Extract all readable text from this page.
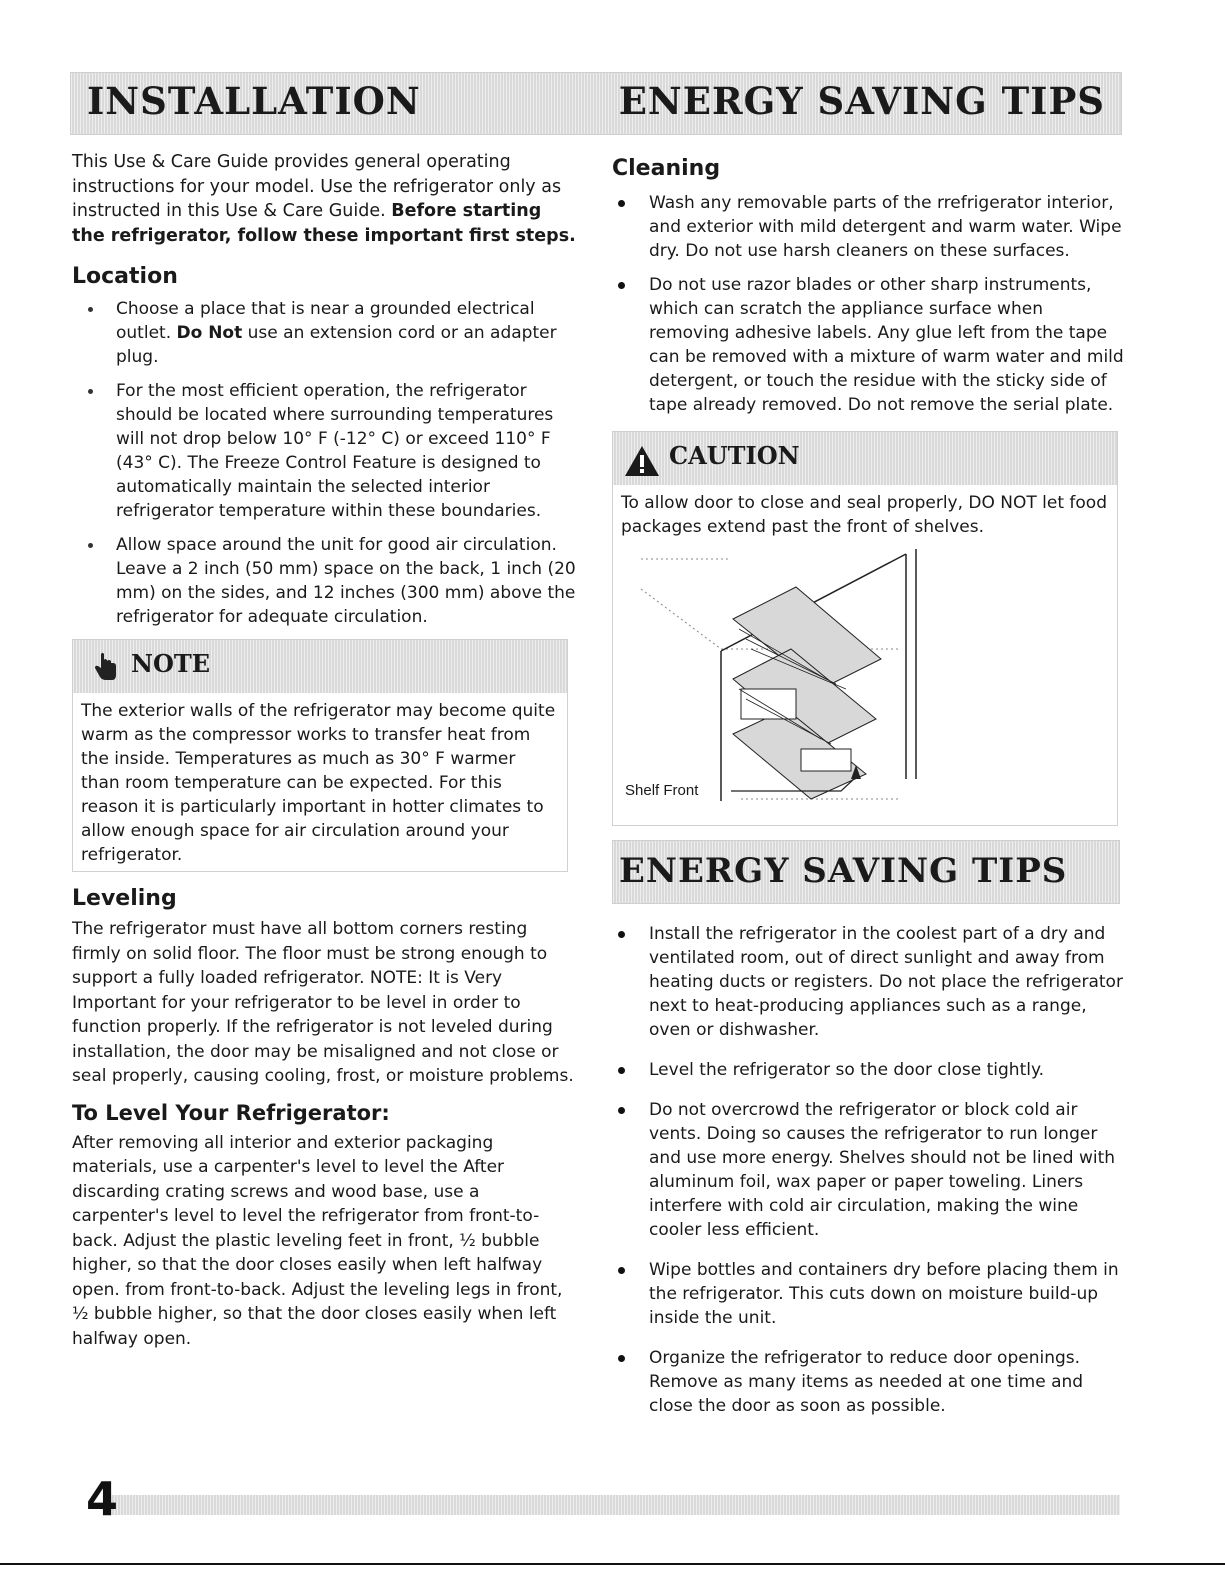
INSTALLATION	ENERGY SAVING TIPS

This Use & Care Guide provides general operating instructions for your model. Use the refrigerator only as instructed in this Use & Care Guide. Before starting the refrigerator, follow these important first steps.

Location
Choose a place that is near a grounded electrical outlet. Do Not use an extension cord or an adapter plug.
For the most efficient operation, the refrigerator should be located where surrounding temperatures will not drop below 10° F (-12° C) or exceed 110° F (43° C). The Freeze Control Feature is designed to automatically maintain the selected interior refrigerator temperature within these boundaries.
Allow space around the unit for good air circulation. Leave a 2 inch (50 mm) space on the back, 1 inch (20 mm) on the sides, and 12 inches (300 mm) above the refrigerator for adequate circulation.
NOTE

The exterior walls of the refrigerator may become quite warm as the compressor works to transfer heat from the inside. Temperatures as much as 30° F warmer than room temperature can be expected. For this reason it is particularly important in hotter climates to allow enough space for air circulation around your refrigerator.

Leveling

The refrigerator must have all bottom corners resting firmly on solid floor. The floor must be strong enough to support a fully loaded refrigerator. NOTE: It is Very Important for your refrigerator to be level in order to function properly. If the refrigerator is not leveled during installation, the door may be misaligned and not close or seal properly, causing cooling, frost, or moisture problems.

To Level Your Refrigerator:

After removing all interior and exterior packaging materials, use a carpenter's level to level the After discarding crating screws and wood base, use a carpenter's level to level the refrigerator from front-to-back. Adjust the plastic leveling feet in front, ½ bubble higher, so that the door closes easily when left halfway open. from front-to-back. Adjust the leveling legs in front, ½ bubble higher, so that the door closes easily when left halfway open.

Cleaning
Wash any removable parts of the rrefrigerator interior, and exterior with mild detergent and warm water. Wipe dry. Do not use harsh cleaners on these surfaces.
Do not use razor blades or other sharp instruments, which can scratch the appliance surface when removing adhesive labels. Any glue left from the tape can be removed with a mixture of warm water and mild detergent, or touch the residue with the sticky side of tape already removed. Do not remove the serial plate.
CAUTION

To allow door to close and seal properly, DO NOT let food packages extend past the front of shelves.

Shelf Front
ENERGY SAVING TIPS
Install the refrigerator in the coolest part of a dry and ventilated room, out of direct sunlight and away from heating ducts or registers. Do not place the refrigerator next to heat-producing appliances such as a range, oven or dishwasher.
Level the refrigerator so the door close tightly.
Do not overcrowd the refrigerator or block cold air vents. Doing so causes the refrigerator to run longer and use more energy. Shelves should not be lined with aluminum foil, wax paper or paper toweling. Liners interfere with cold air circulation, making the wine cooler less efficient.
Wipe bottles and containers dry before placing them in the refrigerator. This cuts down on moisture build-up inside the unit.
Organize the refrigerator to reduce door openings. Remove as many items as needed at one time and close the door as soon as possible.
4
